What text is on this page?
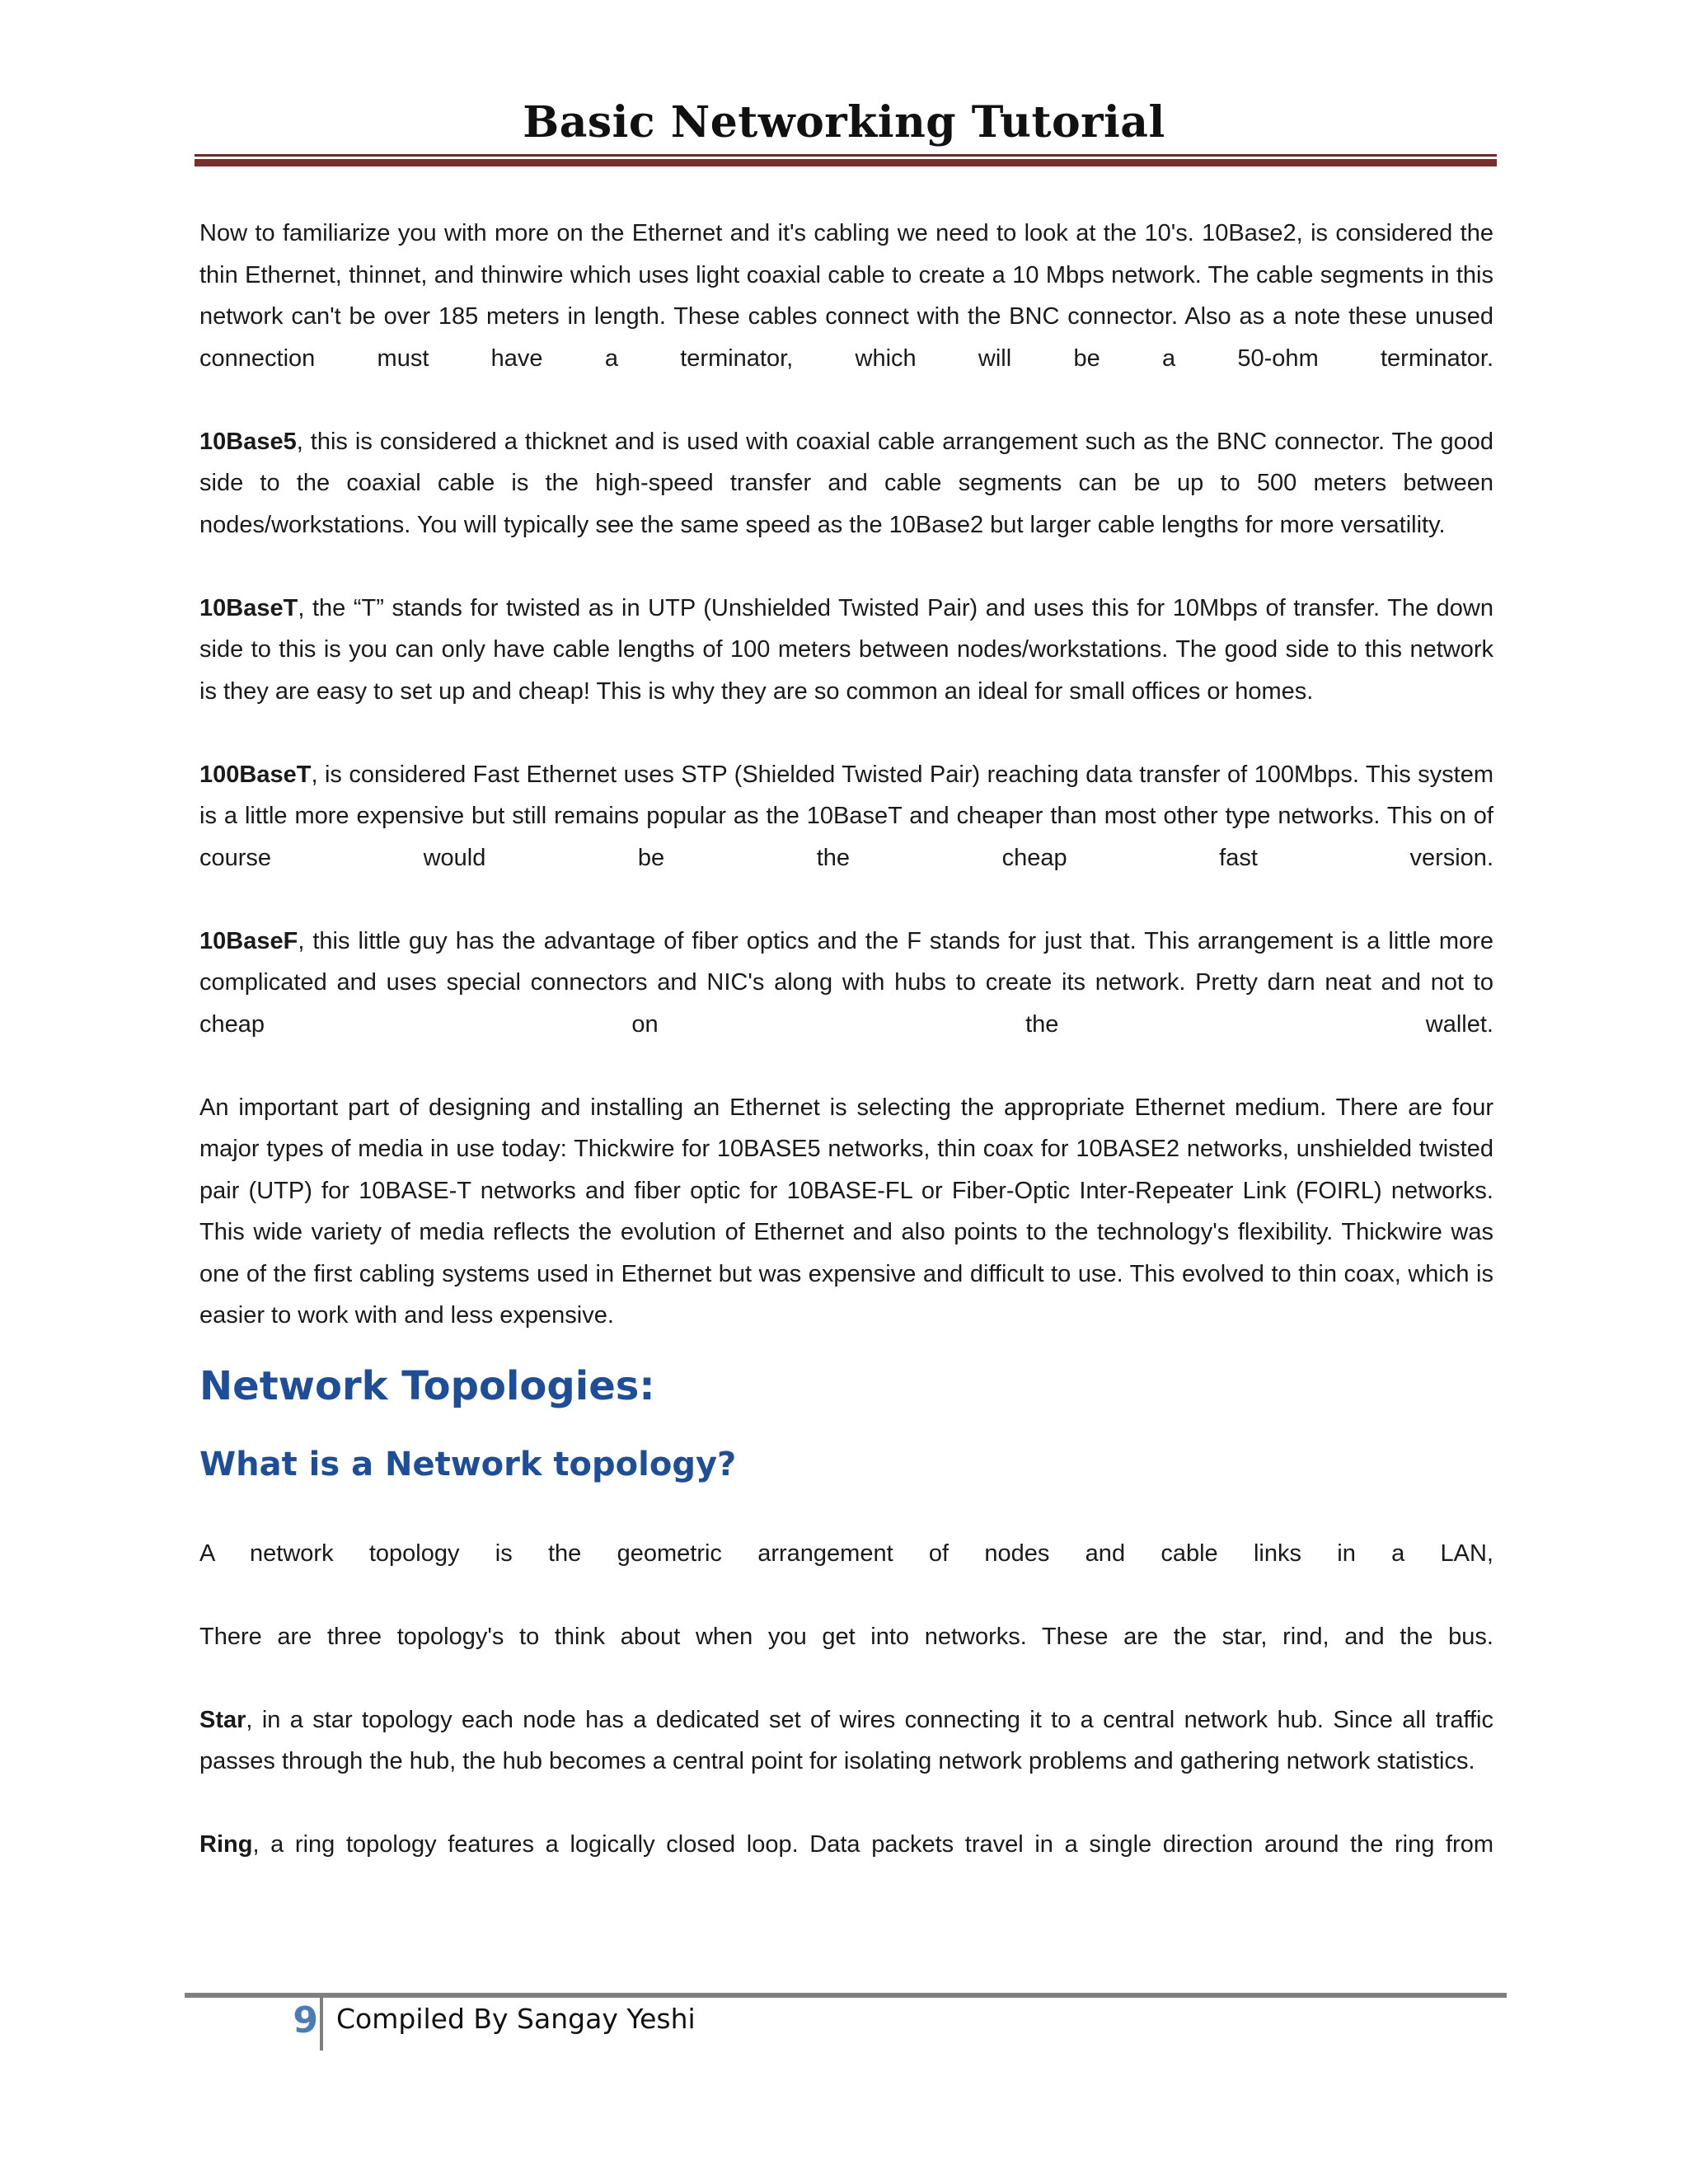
Basic Networking Tutorial

Now to familiarize you with more on the Ethernet and it's cabling we need to look at the 10's. 10Base2, is considered the thin Ethernet, thinnet, and thinwire which uses light coaxial cable to create a 10 Mbps network. The cable segments in this network can't be over 185 meters in length. These cables connect with the BNC connector. Also as a note these unused connection must have a terminator, which will be a 50-ohm terminator.

10Base5, this is considered a thicknet and is used with coaxial cable arrangement such as the BNC connector. The good side to the coaxial cable is the high-speed transfer and cable segments can be up to 500 meters between nodes/workstations. You will typically see the same speed as the 10Base2 but larger cable lengths for more versatility.

10BaseT, the “T” stands for twisted as in UTP (Unshielded Twisted Pair) and uses this for 10Mbps of transfer. The down side to this is you can only have cable lengths of 100 meters between nodes/workstations. The good side to this network is they are easy to set up and cheap! This is why they are so common an ideal for small offices or homes.

100BaseT, is considered Fast Ethernet uses STP (Shielded Twisted Pair) reaching data transfer of 100Mbps. This system is a little more expensive but still remains popular as the 10BaseT and cheaper than most other type networks. This on of course would be the cheap fast version.

10BaseF, this little guy has the advantage of fiber optics and the F stands for just that. This arrangement is a little more complicated and uses special connectors and NIC's along with hubs to create its network. Pretty darn neat and not to cheap on the wallet.

An important part of designing and installing an Ethernet is selecting the appropriate Ethernet medium. There are four major types of media in use today: Thickwire for 10BASE5 networks, thin coax for 10BASE2 networks, unshielded twisted pair (UTP) for 10BASE-T networks and fiber optic for 10BASE-FL or Fiber-Optic Inter-Repeater Link (FOIRL) networks. This wide variety of media reflects the evolution of Ethernet and also points to the technology's flexibility. Thickwire was one of the first cabling systems used in Ethernet but was expensive and difficult to use. This evolved to thin coax, which is easier to work with and less expensive.

Network Topologies:
What is a Network topology?

A network topology is the geometric arrangement of nodes and cable links in a LAN,

There are three topology's to think about when you get into networks. These are the star, rind, and the bus.

Star, in a star topology each node has a dedicated set of wires connecting it to a central network hub. Since all traffic passes through the hub, the hub becomes a central point for isolating network problems and gathering network statistics.

Ring, a ring topology features a logically closed loop. Data packets travel in a single direction around the ring from

9 Compiled By Sangay Yeshi
